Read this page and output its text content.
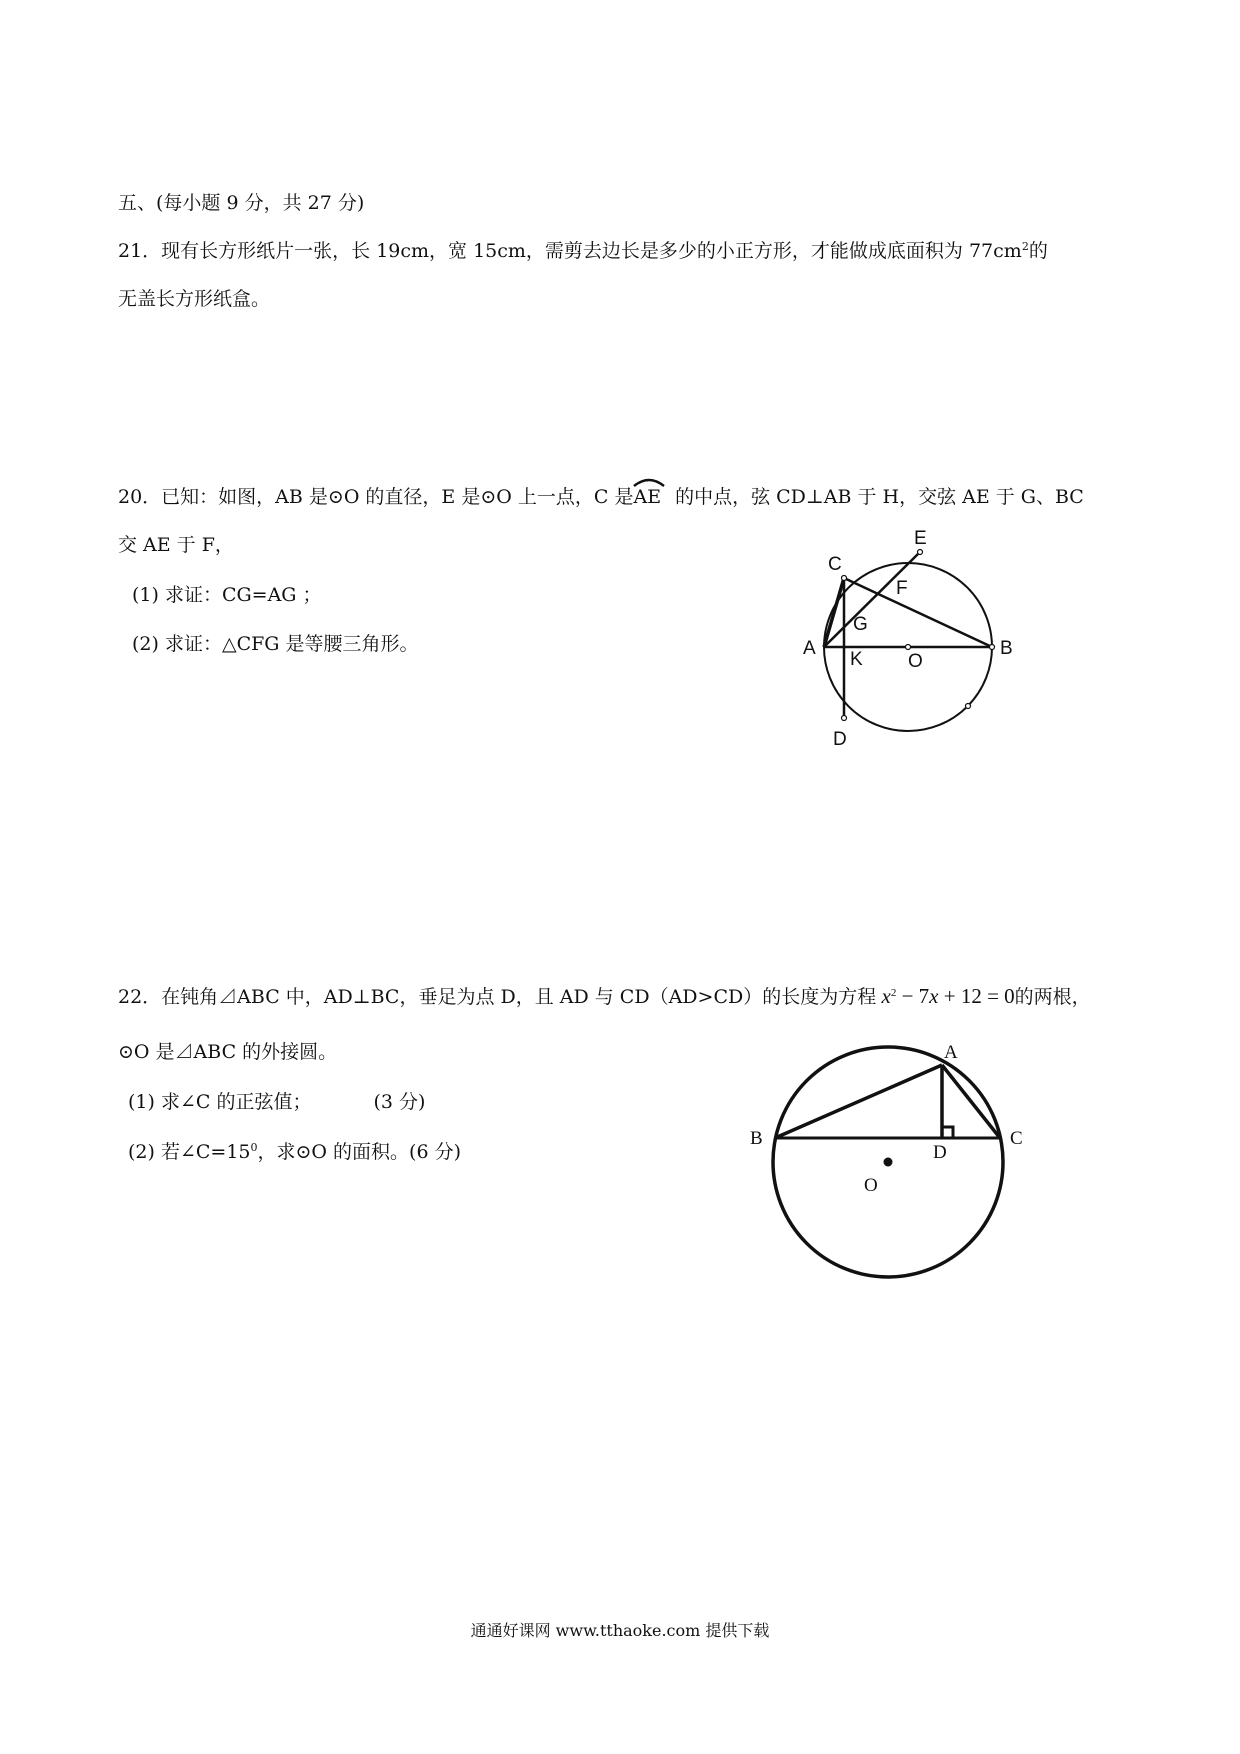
五、(每小题 9 分，共 27 分)
21．现有长方形纸片一张，长 19cm，宽 15cm，需剪去边长是多少的小正方形，才能做成底面积为 $77cm^2$的
无盖长方形纸盒。
20．已知：如图，AB 是⊙O 的直径，E 是⊙O 上一点，C 是
AE 的中点，弦 CD⊥AB 于 H，交弦 AE 于 G、BC
交 AE 于 F，
(1) 求证：CG=AG ；
(2) 求证：△CFG 是等腰三角形。
C
E
F
G
A
K O
B
D
22．在钝角⊿ABC 中，AD⊥BC，垂足为点 D，且 AD 与 CD（AD>CD）的长度为方程 $x^2 - 7x + 12 = 0$的两根，
⊙O 是⊿ABC 的外接圆。
(1) 求∠C 的正弦值；	(3 分)
(2) 若$\angle C=15^0$，求⊙O 的面积。(6 分)
A
B	C
D
O
通通好课网 www.tthaoke.com 提供下载
